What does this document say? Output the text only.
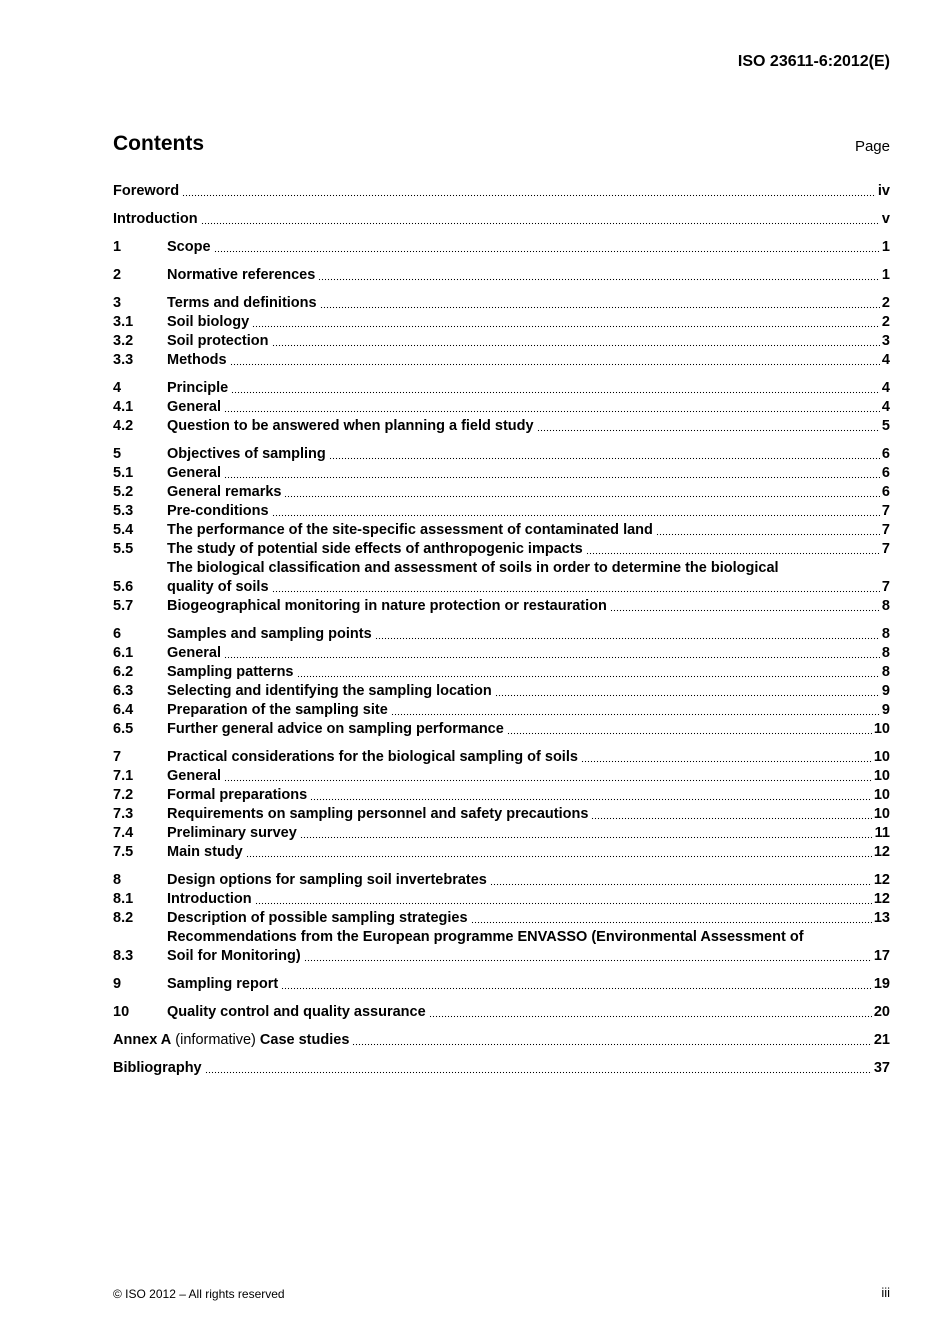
ISO 23611-6:2012(E)
Contents	Page
Foreword	iv
Introduction	v
1	Scope	1
2	Normative references	1
3	Terms and definitions	2
3.1	Soil biology	2
3.2	Soil protection	3
3.3	Methods	4
4	Principle	4
4.1	General	4
4.2	Question to be answered when planning a field study	5
5	Objectives of sampling	6
5.1	General	6
5.2	General remarks	6
5.3	Pre-conditions	7
5.4	The performance of the site-specific assessment of contaminated land	7
5.5	The study of potential side effects of anthropogenic impacts	7
5.6
The biological classification and assessment of soils in order to determine the biological
quality of soils	7
5.7	Biogeographical monitoring in nature protection or restauration	8
6	Samples and sampling points	8
6.1	General	8
6.2	Sampling patterns	8
6.3	Selecting and identifying the sampling location	9
6.4	Preparation of the sampling site	9
6.5	Further general advice on sampling performance	10
7	Practical considerations for the biological sampling of soils	10
7.1	General	10
7.2	Formal preparations	10
7.3	Requirements on sampling personnel and safety precautions	10
7.4	Preliminary survey	11
7.5	Main study	12
8	Design options for sampling soil invertebrates	12
8.1	Introduction	12
8.2	Description of possible sampling strategies	13
8.3
Recommendations from the European programme ENVASSO (Environmental Assessment of
Soil for Monitoring)	17
9	Sampling report	19
10	Quality control and quality assurance	20
Annex A (informative) Case studies	21
Bibliography	37
© ISO 2012 – All rights reserved	iii
